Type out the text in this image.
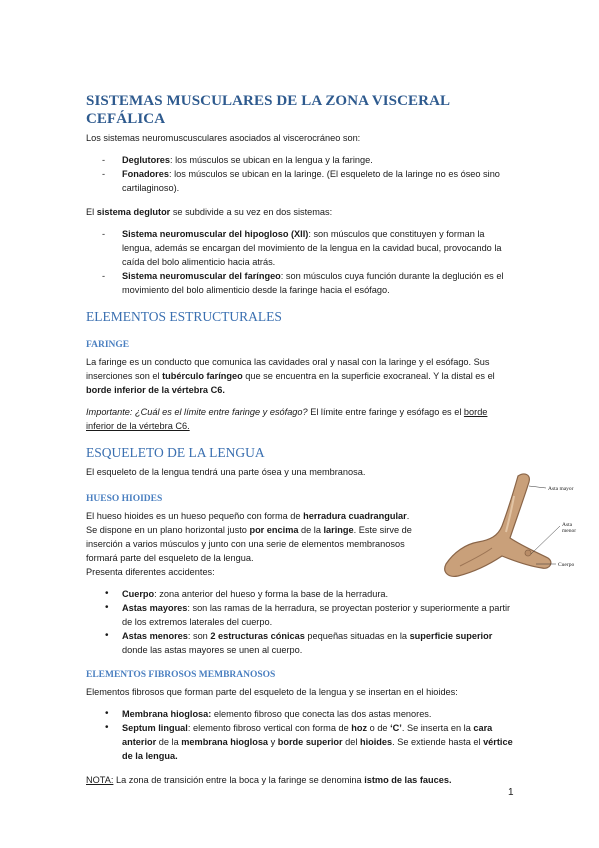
SISTEMAS MUSCULARES DE LA ZONA VISCERAL CEFÁLICA

Los sistemas neuromuscusculares asociados al viscerocráneo son:

- Deglutores: los músculos se ubican en la lengua y la faringe.
- Fonadores: los músculos se ubican en la laringe. (El esqueleto de la laringe no es óseo sino cartilaginoso).

El sistema deglutor se subdivide a su vez en dos sistemas:

- Sistema neuromuscular del hipogloso (XII): son músculos que constituyen y forman la lengua, además se encargan del movimiento de la lengua en la cavidad bucal, provocando la caída del bolo alimenticio hacia atrás.
- Sistema neuromuscular del faríngeo: son músculos cuya función durante la deglución es el movimiento del bolo alimenticio desde la faringe hacia el esófago.
ELEMENTOS ESTRUCTURALES
FARINGE

La faringe es un conducto que comunica las cavidades oral y nasal con la laringe y el esófago. Sus inserciones son el tubérculo faríngeo que se encuentra en la superficie exocraneal. Y la distal es el borde inferior de la vértebra C6.

Importante: ¿Cuál es el límite entre faringe y esófago? El límite entre faringe y esófago es el borde inferior de la vértebra C6.

ESQUELETO DE LA LENGUA

El esqueleto de la lengua tendrá una parte ósea y una membranosa.

HUESO HIOIDES

El hueso hioides es un hueso pequeño con forma de herradura cuadrangular. Se dispone en un plano horizontal justo por encima de la laringe. Este sirve de inserción a varios músculos y junto con una serie de elementos membranosos formará parte del esqueleto de la lengua.

Presenta diferentes accidentes:

• Cuerpo: zona anterior del hueso y forma la base de la herradura.
• Astas mayores: son las ramas de la herradura, se proyectan posterior y superiormente a partir de los extremos laterales del cuerpo.
• Astas menores: son 2 estructuras cónicas pequeñas situadas en la superficie superior donde las astas mayores se unen al cuerpo.
ELEMENTOS FIBROSOS MEMBRANOSOS

Elementos fibrosos que forman parte del esqueleto de la lengua y se insertan en el hioides:

• Membrana hioglosa: elemento fibroso que conecta las dos astas menores.
• Septum lingual: elemento fibroso vertical con forma de hoz o de ‘C’. Se inserta en la cara anterior de la membrana hioglosa y borde superior del hioides. Se extiende hasta el vértice de la lengua.

NOTA: La zona de transición entre la boca y la faringe se denomina istmo de las fauces.

Asta mayor
Asta menor
Cuerpo
1
